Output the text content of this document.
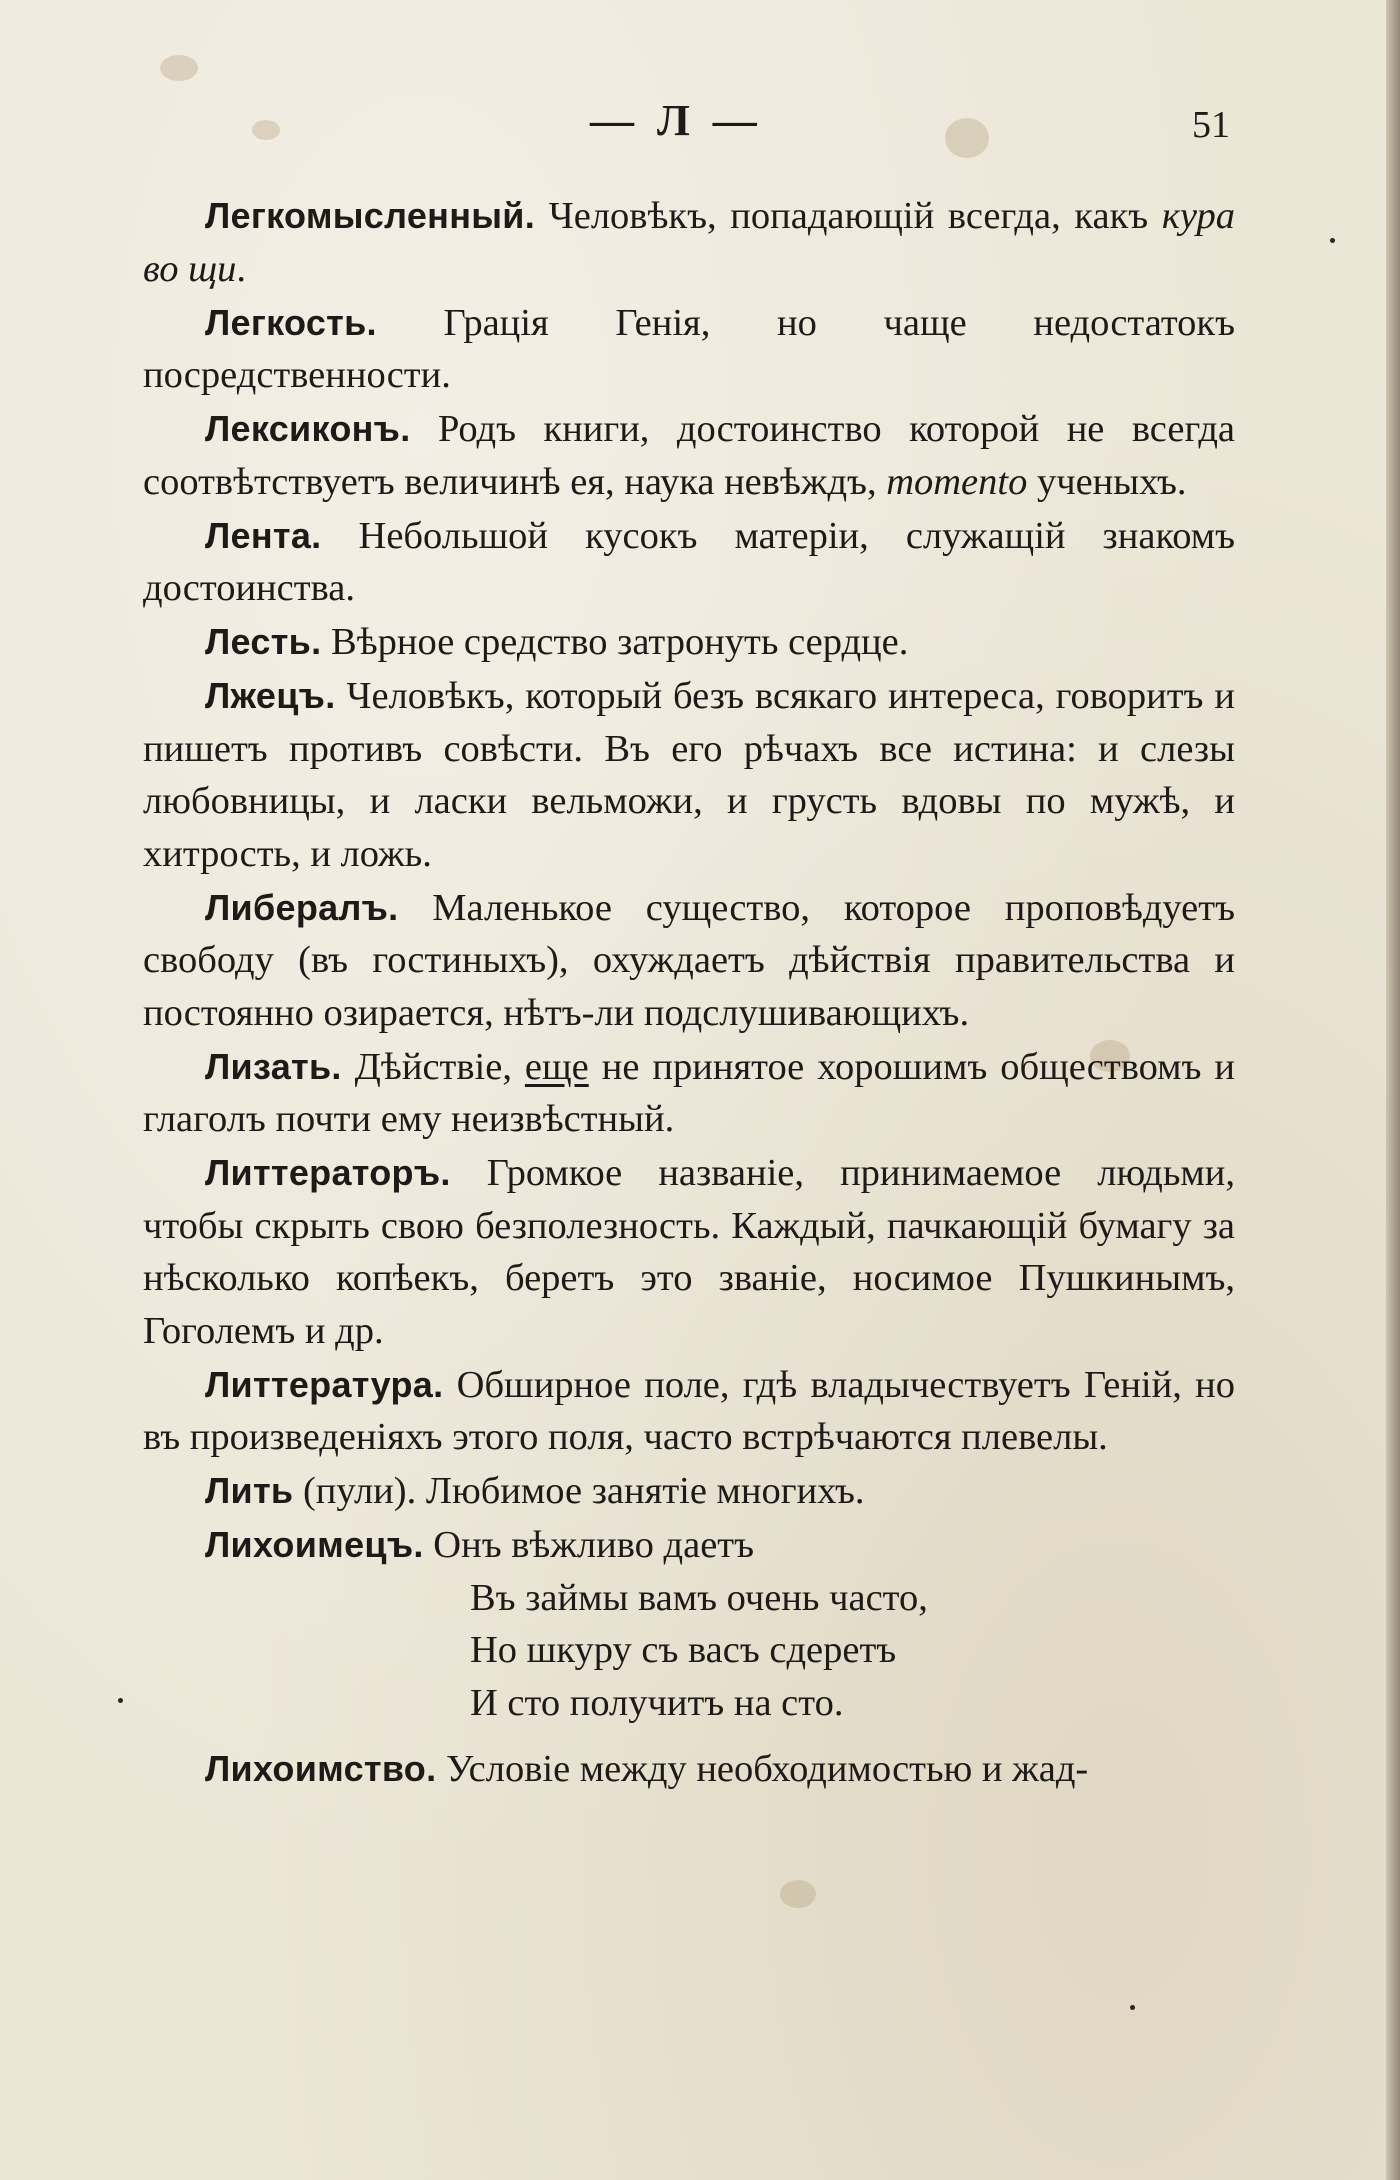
— Л —	51

Легкомысленный. Человѣкъ, попадающій всегда, какъ кура во щи.

Легкость. Грація Генія, но чаще недостатокъ посредственности.

Лексиконъ. Родъ книги, достоинство которой не всегда соотвѣтствуетъ величинѣ ея, наука невѣждъ, momento ученыхъ.

Лента. Небольшой кусокъ матеріи, служащій знакомъ достоинства.

Лесть. Вѣрное средство затронуть сердце.

Лжецъ. Человѣкъ, который безъ всякаго интереса, говоритъ и пишетъ противъ совѣсти. Въ его рѣчахъ все истина: и слезы любовницы, и ласки вельможи, и грусть вдовы по мужѣ, и хитрость, и ложь.

Либералъ. Маленькое существо, которое проповѣдуетъ свободу (въ гостиныхъ), охуждаетъ дѣйствія правительства и постоянно озирается, нѣтъ-ли подслушивающихъ.

Лизать. Дѣйствіе, еще не принятое хорошимъ обществомъ и глаголъ почти ему неизвѣстный.

Литтераторъ. Громкое названіе, принимаемое людьми, чтобы скрыть свою безполезность. Каждый, пачкающій бумагу за нѣсколько копѣекъ, беретъ это званіе, носимое Пушкинымъ, Гоголемъ и др.

Литтература. Обширное поле, гдѣ владычествуетъ Геній, но въ произведеніяхъ этого поля, часто встрѣчаются плевелы.

Лить (пули). Любимое занятіе многихъ.

Лихоимецъ. Онъ вѣжливо даетъ

Въ займы вамъ очень часто,

Но шкуру съ васъ сдеретъ

И сто получитъ на сто.

Лихоимство. Условіе между необходимостью и жад-
